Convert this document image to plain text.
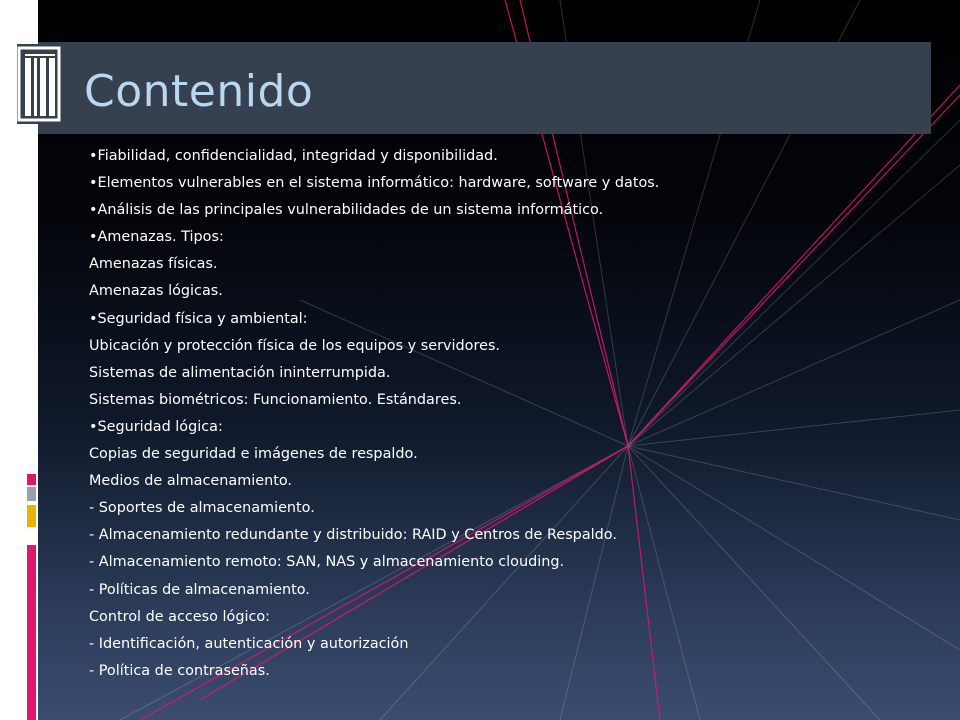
Contenido
•Fiabilidad, confidencialidad, integridad y disponibilidad.
•Elementos vulnerables en el sistema informático: hardware, software y datos.
•Análisis de las principales vulnerabilidades de un sistema informático.
•Amenazas. Tipos:
Amenazas físicas.
Amenazas lógicas.
•Seguridad física y ambiental:
Ubicación y protección física de los equipos y servidores.
Sistemas de alimentación ininterrumpida.
Sistemas biométricos: Funcionamiento. Estándares.
•Seguridad lógica:
Copias de seguridad e imágenes de respaldo.
Medios de almacenamiento.
- Soportes de almacenamiento.
- Almacenamiento redundante y distribuido: RAID y Centros de Respaldo.
- Almacenamiento remoto: SAN, NAS y almacenamiento clouding.
- Políticas de almacenamiento.
Control de acceso lógico:
- Identificación, autenticación y autorización
- Política de contraseñas.
